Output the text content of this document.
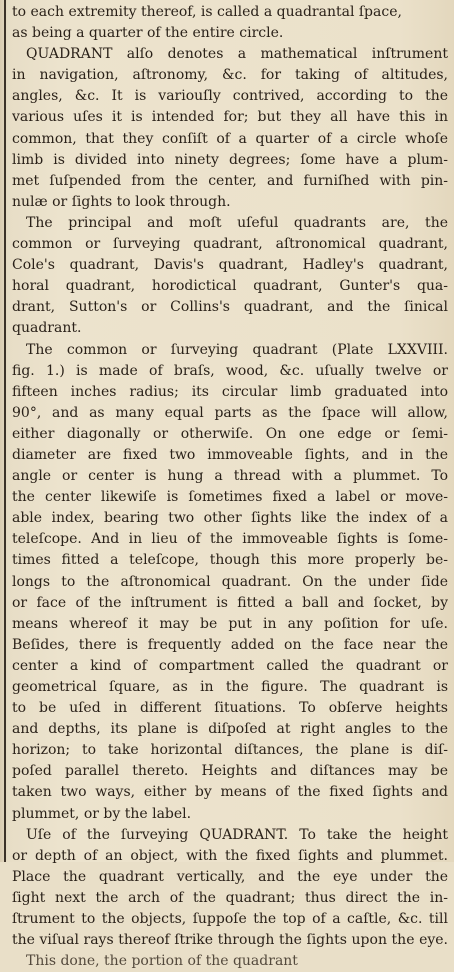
to each extremity thereof, is called a quadrantal ſpace,
as being a quarter of the entire circle.
QUADRANT alſo denotes a mathematical inſtrument
in navigation, aſtronomy, &c. for taking of altitudes,
angles, &c. It is variouſly contrived, according to the
various uſes it is intended for; but they all have this in
common, that they conſiſt of a quarter of a circle whoſe
limb is divided into ninety degrees; ſome have a plum-
met ſuſpended from the center, and furniſhed with pin-
nulæ or ſights to look through.
The principal and moſt uſeful quadrants are, the
common or ſurveying quadrant, aſtronomical quadrant,
Cole's quadrant, Davis's quadrant, Hadley's quadrant,
horal quadrant, horodictical quadrant, Gunter's qua-
drant, Sutton's or Collins's quadrant, and the ſinical
quadrant.
The common or ſurveying quadrant (Plate LXXVIII.
fig. 1.) is made of braſs, wood, &c. uſually twelve or
fifteen inches radius; its circular limb graduated into
90°, and as many equal parts as the ſpace will allow,
either diagonally or otherwiſe. On one edge or ſemi-
diameter are fixed two immoveable ſights, and in the
angle or center is hung a thread with a plummet. To
the center likewiſe is ſometimes fixed a label or move-
able index, bearing two other ſights like the index of a
teleſcope. And in lieu of the immoveable ſights is ſome-
times fitted a teleſcope, though this more properly be-
longs to the aſtronomical quadrant. On the under ſide
or face of the inſtrument is fitted a ball and ſocket, by
means whereof it may be put in any poſition for uſe.
Beſides, there is frequently added on the face near the
center a kind of compartment called the quadrant or
geometrical ſquare, as in the figure. The quadrant is
to be uſed in different ſituations. To obſerve heights
and depths, its plane is diſpoſed at right angles to the
horizon; to take horizontal diſtances, the plane is diſ-
poſed parallel thereto. Heights and diſtances may be
taken two ways, either by means of the fixed ſights and
plummet, or by the label.
Uſe of the ſurveying QUADRANT. To take the height
or depth of an object, with the fixed ſights and plummet.
Place the quadrant vertically, and the eye under the
ſight next the arch of the quadrant; thus direct the in-
ſtrument to the objects, ſuppoſe the top of a caſtle, &c. till
the viſual rays thereof ſtrike through the ſights upon the eye.
This done, the portion of the quadrant
